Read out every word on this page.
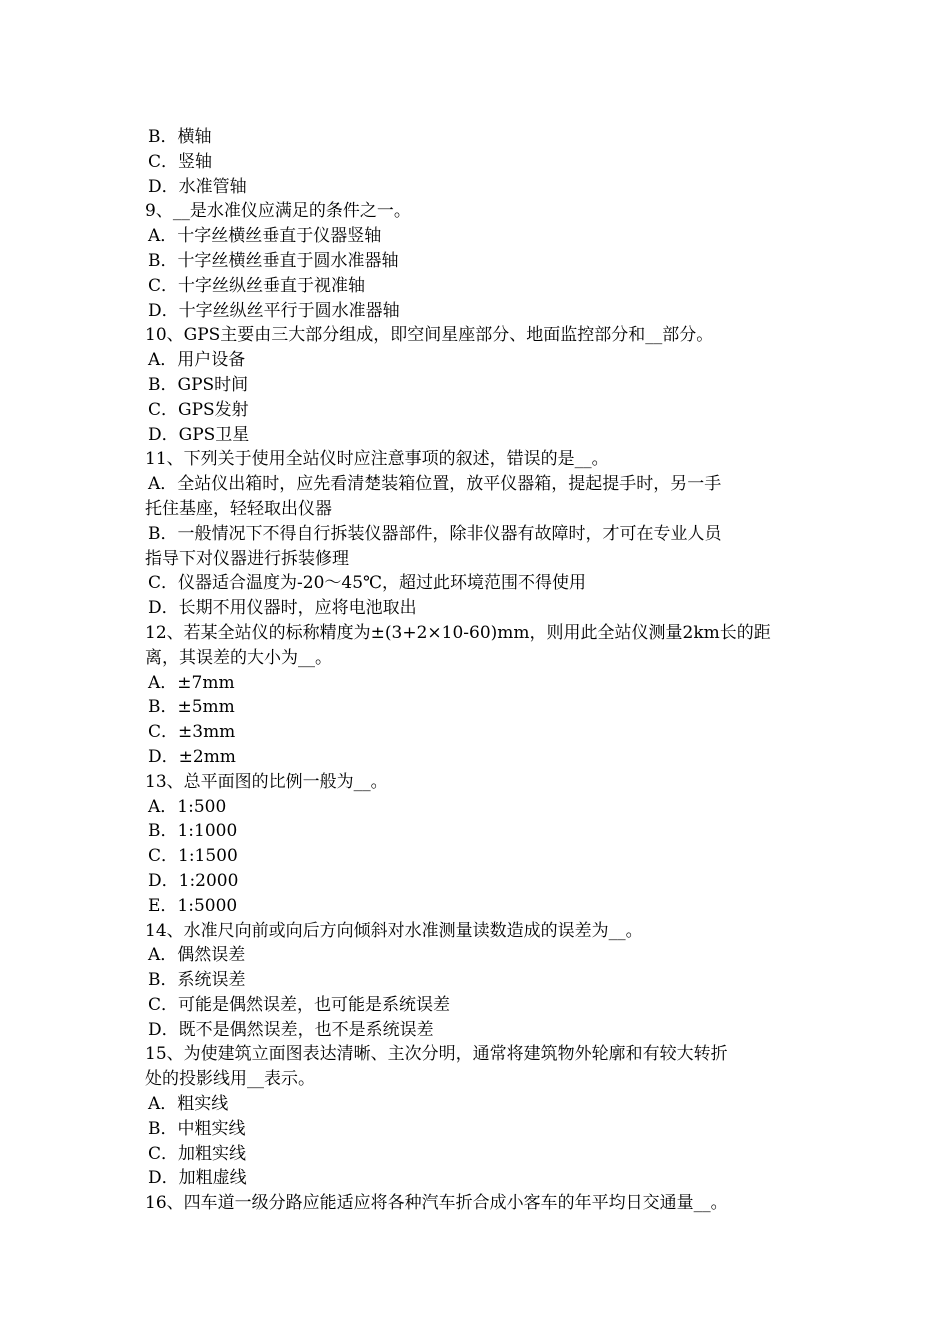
B．横轴
C．竖轴
D．水准管轴
9、__是水准仪应满足的条件之一。
A．十字丝横丝垂直于仪器竖轴
B．十字丝横丝垂直于圆水准器轴
C．十字丝纵丝垂直于视准轴
D．十字丝纵丝平行于圆水准器轴
10、GPS主要由三大部分组成，即空间星座部分、地面监控部分和__部分。
A．用户设备
B．GPS时间
C．GPS发射
D．GPS卫星
11、下列关于使用全站仪时应注意事项的叙述，错误的是__。
A．全站仪出箱时，应先看清楚装箱位置，放平仪器箱，提起提手时，另一手
托住基座，轻轻取出仪器
B．一般情况下不得自行拆装仪器部件，除非仪器有故障时，才可在专业人员
指导下对仪器进行拆装修理
C．仪器适合温度为-20～45℃，超过此环境范围不得使用
D．长期不用仪器时，应将电池取出
12、若某全站仪的标称精度为±(3+2×10-60)mm，则用此全站仪测量2km长的距
离，其误差的大小为__。
A．±7mm
B．±5mm
C．±3mm
D．±2mm
13、总平面图的比例一般为__。
A．1:500
B．1:1000
C．1:1500
D．1:2000
E．1:5000
14、水准尺向前或向后方向倾斜对水准测量读数造成的误差为__。
A．偶然误差
B．系统误差
C．可能是偶然误差，也可能是系统误差
D．既不是偶然误差，也不是系统误差
15、为使建筑立面图表达清晰、主次分明，通常将建筑物外轮廓和有较大转折
处的投影线用__表示。
A．粗实线
B．中粗实线
C．加粗实线
D．加粗虚线
16、四车道一级分路应能适应将各种汽车折合成小客车的年平均日交通量__。
